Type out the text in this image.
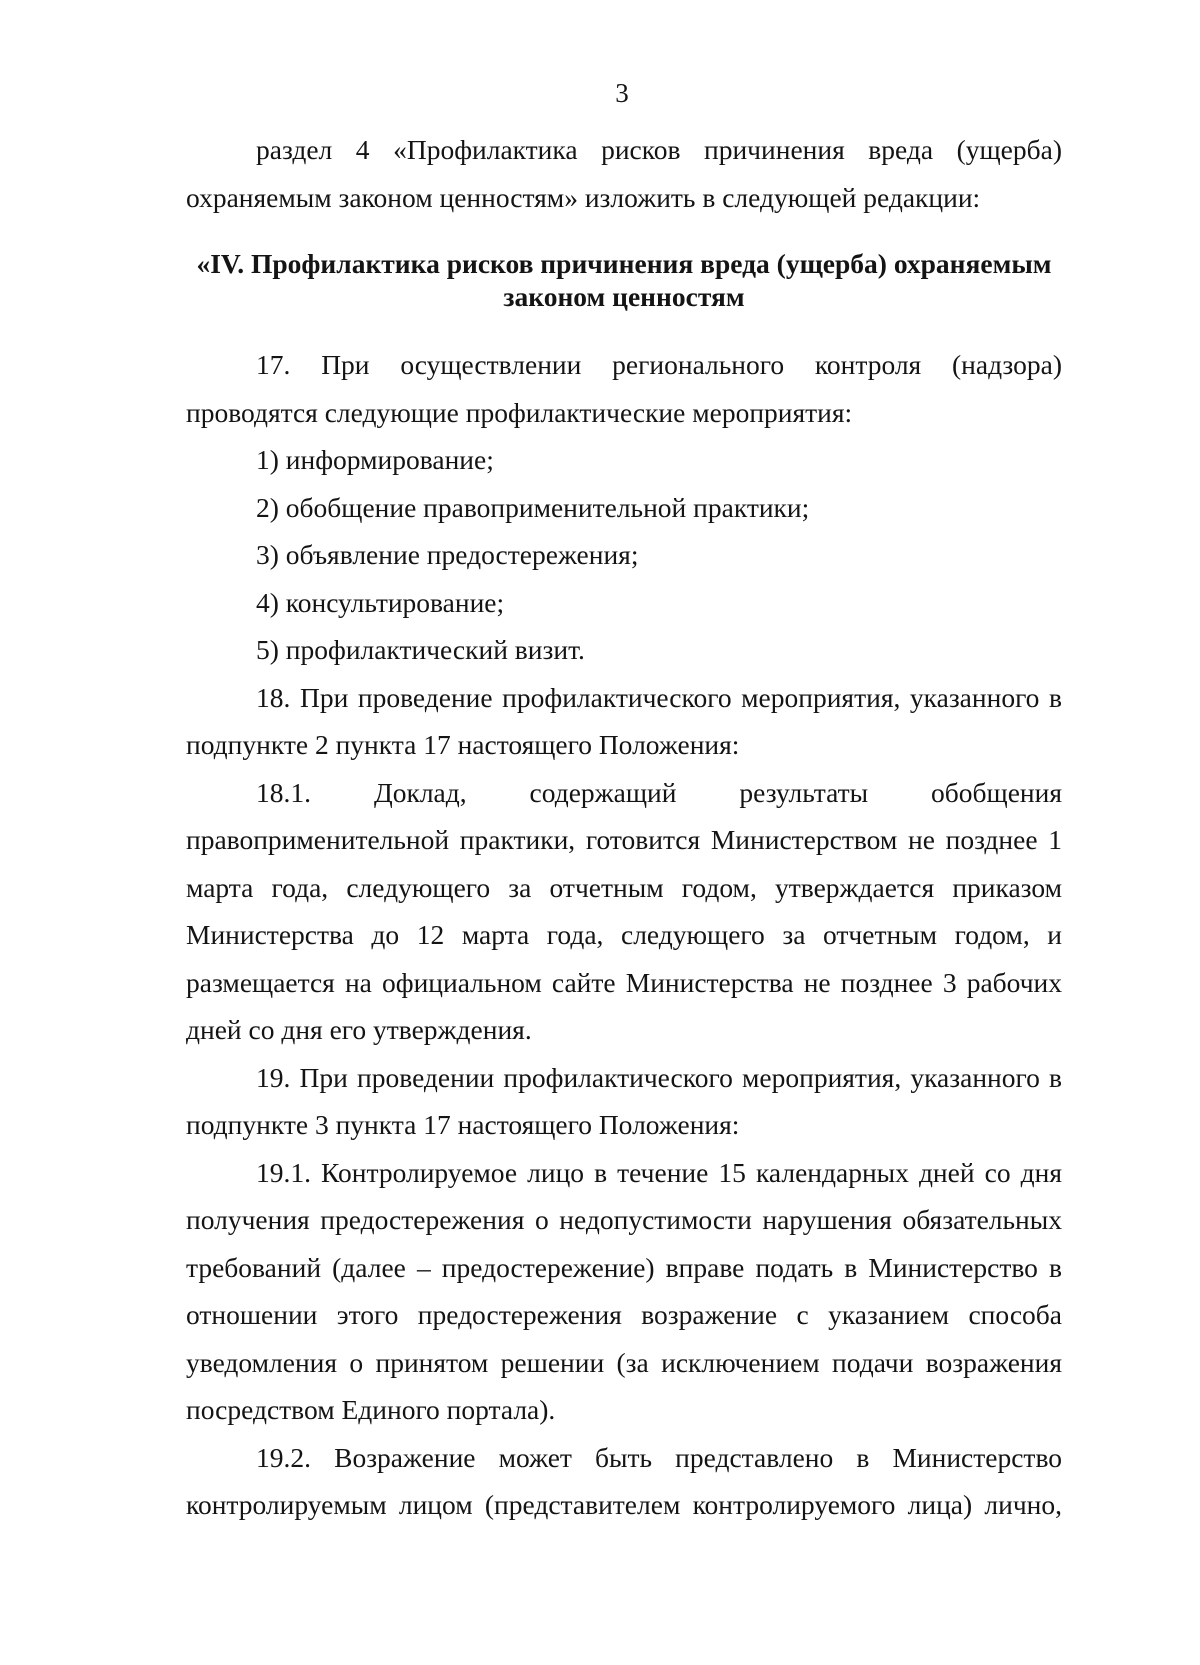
3

раздел 4 «Профилактика рисков причинения вреда (ущерба) охраняемым законом ценностям» изложить в следующей редакции:

«IV. Профилактика рисков причинения вреда (ущерба) охраняемым
законом ценностям

17. При осуществлении регионального контроля (надзора) проводятся следующие профилактические мероприятия:

1) информирование;

2) обобщение правоприменительной практики;

3) объявление предостережения;

4) консультирование;

5) профилактический визит.

18. При проведение профилактического мероприятия, указанного в подпункте 2 пункта 17 настоящего Положения:

18.1. Доклад, содержащий результаты обобщения правоприменительной практики, готовится Министерством не позднее 1 марта года, следующего за отчетным годом, утверждается приказом Министерства до 12 марта года, следующего за отчетным годом, и размещается на официальном сайте Министерства не позднее 3 рабочих дней со дня его утверждения.

19. При проведении профилактического мероприятия, указанного в подпункте 3 пункта 17 настоящего Положения:

19.1. Контролируемое лицо в течение 15 календарных дней со дня получения предостережения о недопустимости нарушения обязательных требований (далее – предостережение) вправе подать в Министерство в отношении этого предостережения возражение с указанием способа уведомления о принятом решении (за исключением подачи возражения посредством Единого портала).

19.2. Возражение может быть представлено в Министерство контролируемым лицом (представителем контролируемого лица) лично,
